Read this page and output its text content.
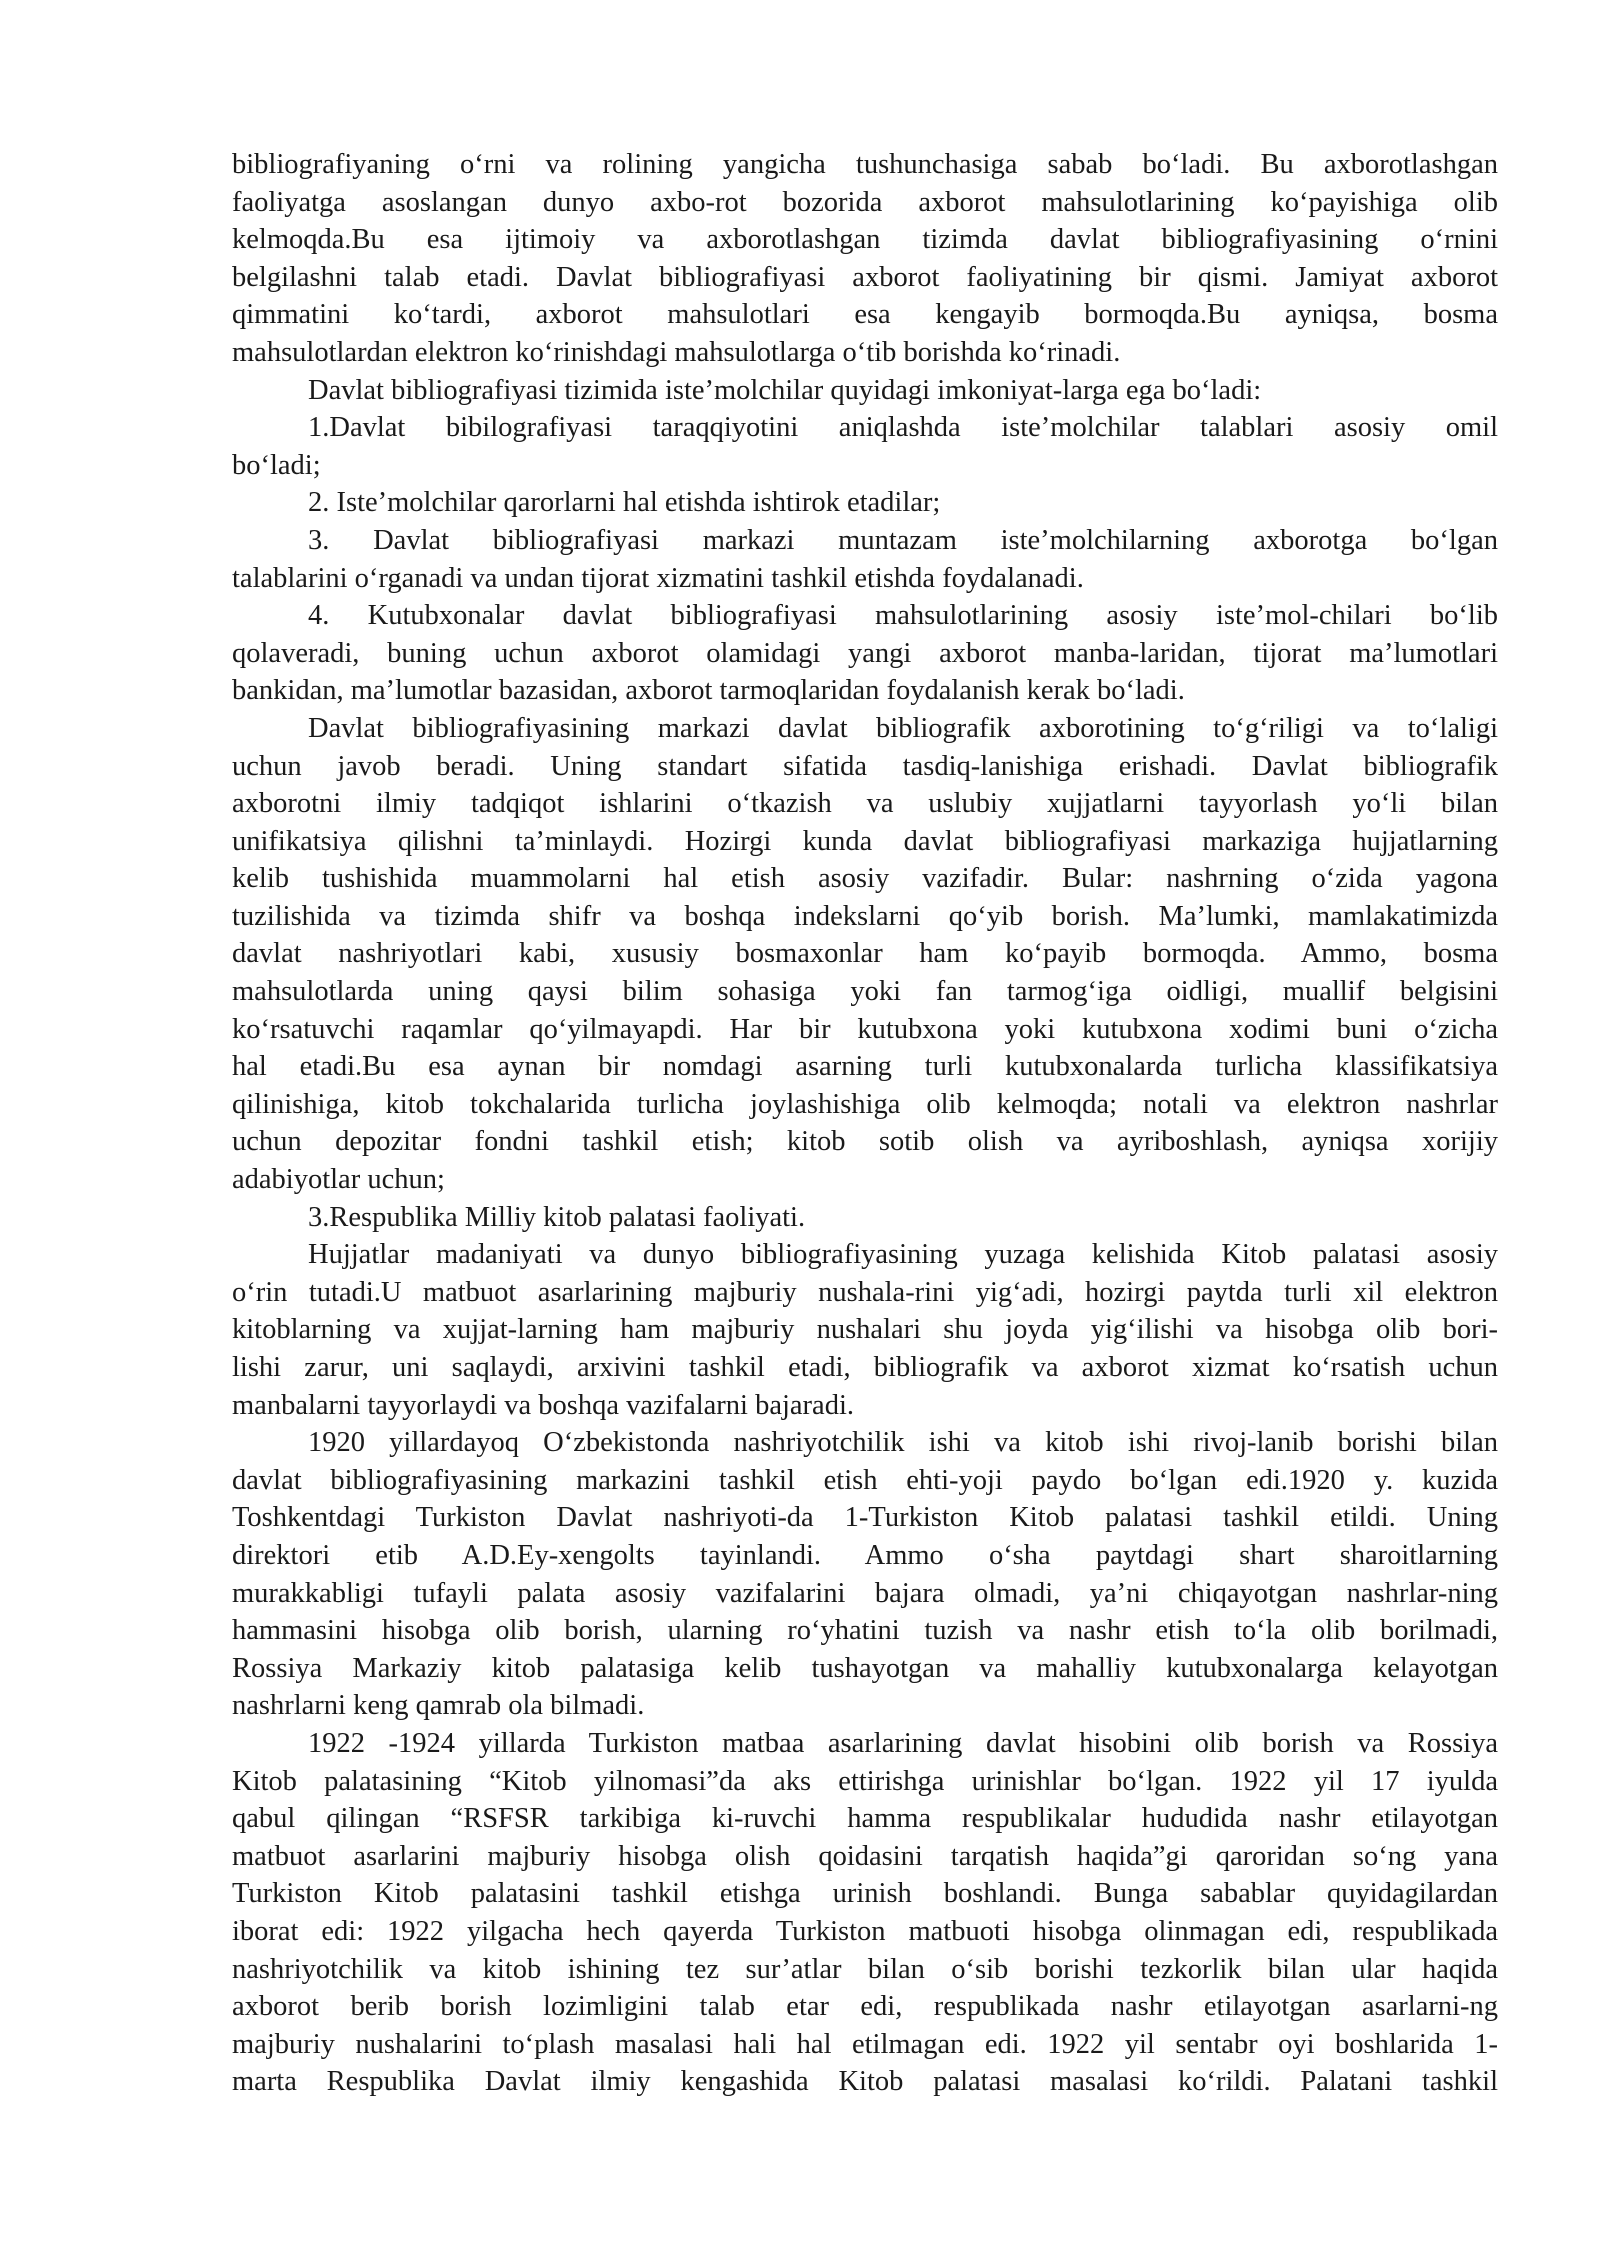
bibliografiyaning o‘rni va rolining yangicha tushunchasiga sabab bo‘ladi. Bu axborotlashgan
faoliyatga asoslangan dunyo axbo-rot bozorida axborot mahsulotlarining ko‘payishiga olib
kelmoqda.Bu esa ijtimoiy va axborotlashgan tizimda davlat bibliografiyasining o‘rnini
belgilashni talab etadi. Davlat bibliografiyasi axborot faoliyatining bir qismi. Jamiyat axborot
qimmatini ko‘tardi, axborot mahsulotlari esa kengayib bormoqda.Bu ayniqsa, bosma
mahsulotlardan elektron ko‘rinishdagi mahsulotlarga o‘tib borishda ko‘rinadi.
Davlat bibliografiyasi tizimida iste’molchilar quyidagi imkoniyat-larga ega bo‘ladi:
1.Davlat bibilografiyasi taraqqiyotini aniqlashda iste’molchilar talablari asosiy omil
bo‘ladi;
2. Iste’molchilar qarorlarni hal etishda ishtirok etadilar;
3. Davlat bibliografiyasi markazi muntazam iste’molchilarning axborotga bo‘lgan
talablarini o‘rganadi va undan tijorat xizmatini tashkil etishda foydalanadi.
4. Kutubxonalar davlat bibliografiyasi mahsulotlarining asosiy iste’mol-chilari bo‘lib
qolaveradi, buning uchun axborot olamidagi yangi axborot manba-laridan, tijorat ma’lumotlari
bankidan, ma’lumotlar bazasidan, axborot tarmoqlaridan foydalanish kerak bo‘ladi.
Davlat bibliografiyasining markazi davlat bibliografik axborotining to‘g‘riligi va to‘laligi
uchun javob beradi. Uning standart sifatida tasdiq-lanishiga erishadi. Davlat bibliografik
axborotni ilmiy tadqiqot ishlarini o‘tkazish va uslubiy xujjatlarni tayyorlash yo‘li bilan
unifikatsiya qilishni ta’minlaydi. Hozirgi kunda davlat bibliografiyasi markaziga hujjatlarning
kelib tushishida muammolarni hal etish asosiy vazifadir. Bular: nashrning o‘zida yagona
tuzilishida va tizimda shifr va boshqa indekslarni qo‘yib borish. Ma’lumki, mamlakatimizda
davlat nashriyotlari kabi, xususiy bosmaxonlar ham ko‘payib bormoqda. Ammo, bosma
mahsulotlarda uning qaysi bilim sohasiga yoki fan tarmog‘iga oidligi, muallif belgisini
ko‘rsatuvchi raqamlar qo‘yilmayapdi. Har bir kutubxona yoki kutubxona xodimi buni o‘zicha
hal etadi.Bu esa aynan bir nomdagi asarning turli kutubxonalarda turlicha klassifikatsiya
qilinishiga, kitob tokchalarida turlicha joylashishiga olib kelmoqda; notali va elektron nashrlar
uchun depozitar fondni tashkil etish; kitob sotib olish va ayriboshlash, ayniqsa xorijiy
adabiyotlar uchun;
3.Respublika Milliy kitob palatasi faoliyati.
Hujjatlar madaniyati va dunyo bibliografiyasining yuzaga kelishida Kitob palatasi asosiy
o‘rin tutadi.U matbuot asarlarining majburiy nushala-rini yig‘adi, hozirgi paytda turli xil elektron
kitoblarning va xujjat-larning ham majburiy nushalari shu joyda yig‘ilishi va hisobga olib bori-
lishi zarur, uni saqlaydi, arxivini tashkil etadi, bibliografik va axborot xizmat ko‘rsatish uchun
manbalarni tayyorlaydi va boshqa vazifalarni bajaradi.
1920 yillardayoq O‘zbekistonda nashriyotchilik ishi va kitob ishi rivoj-lanib borishi bilan
davlat bibliografiyasining markazini tashkil etish ehti-yoji paydo bo‘lgan edi.1920 y. kuzida
Toshkentdagi Turkiston Davlat nashriyoti-da 1-Turkiston Kitob palatasi tashkil etildi. Uning
direktori etib A.D.Ey-xengolts tayinlandi. Ammo o‘sha paytdagi shart sharoitlarning
murakkabligi tufayli palata asosiy vazifalarini bajara olmadi, ya’ni chiqayotgan nashrlar-ning
hammasini hisobga olib borish, ularning ro‘yhatini tuzish va nashr etish to‘la olib borilmadi,
Rossiya Markaziy kitob palatasiga kelib tushayotgan va mahalliy kutubxonalarga kelayotgan
nashrlarni keng qamrab ola bilmadi.
1922 -1924 yillarda Turkiston matbaa asarlarining davlat hisobini olib borish va Rossiya
Kitob palatasining “Kitob yilnomasi”da aks ettirishga urinishlar bo‘lgan. 1922 yil 17 iyulda
qabul qilingan “RSFSR tarkibiga ki-ruvchi hamma respublikalar hududida nashr etilayotgan
matbuot asarlarini majburiy hisobga olish qoidasini tarqatish haqida”gi qaroridan so‘ng yana
Turkiston Kitob palatasini tashkil etishga urinish boshlandi. Bunga sabablar quyidagilardan
iborat edi: 1922 yilgacha hech qayerda Turkiston matbuoti hisobga olinmagan edi, respublikada
nashriyotchilik va kitob ishining tez sur’atlar bilan o‘sib borishi tezkorlik bilan ular haqida
axborot berib borish lozimligini talab etar edi, respublikada nashr etilayotgan asarlarni-ng
majburiy nushalarini to‘plash masalasi hali hal etilmagan edi. 1922 yil sentabr oyi boshlarida 1-
marta Respublika Davlat ilmiy kengashida Kitob palatasi masalasi ko‘rildi. Palatani tashkil
